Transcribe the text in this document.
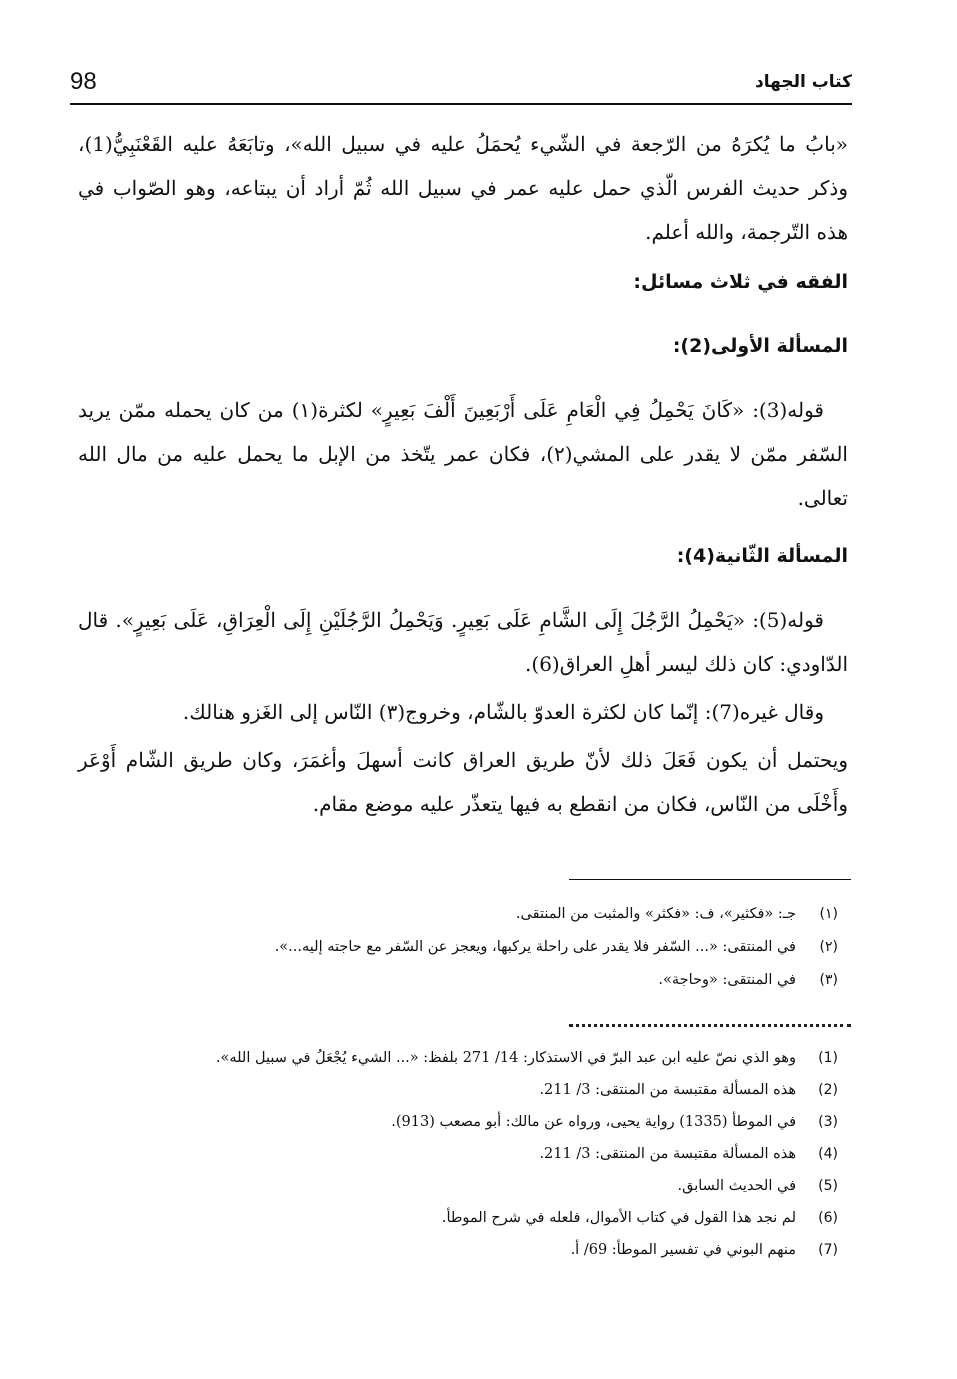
98	كتاب الجهاد

«بابُ ما يُكرَهُ من الرّجعة في الشّيء يُحمَلُ عليه في سبيل الله»، وتابَعَهُ عليه القَعْنَبِيُّ(1)، وذكر حديث الفرس الّذي حمل عليه عمر في سبيل الله ثُمّ أراد أن يبتاعه، وهو الصّواب في هذه التّرجمة، والله أعلم.

الفقه في ثلاث مسائل:

المسألة الأولى(2):

قوله(3): «كَانَ يَحْمِلُ فِي الْعَامِ عَلَى أَرْبَعِينَ أَلْفَ بَعِيرٍ» لكثرة(١) من كان يحمله ممّن يريد السّفر ممّن لا يقدر على المشي(٢)، فكان عمر يتّخذ من الإبل ما يحمل عليه من مال الله تعالى.

المسألة الثّانية(4):

قوله(5): «يَحْمِلُ الرَّجُلَ إِلَى الشَّامِ عَلَى بَعِيرٍ. وَيَحْمِلُ الرَّجُلَيْنِ إِلَى الْعِرَاقِ، عَلَى بَعِيرٍ». قال الدّاودي: كان ذلك ليسر أهلِ العراق(6).

وقال غيره(7): إنّما كان لكثرة العدوّ بالشّام، وخروج(٣) النّاس إلى الغَزو هنالك.

ويحتمل أن يكون فَعَلَ ذلك لأنّ طريق العراق كانت أسهلَ وأغمَرَ، وكان طريق الشّام أَوْعَر وأَخْلَى من النّاس، فكان من انقطع به فيها يتعذّر عليه موضع مقام.

(١)
جـ: «فكثير»، ف: «فكثر» والمثبت من المنتقى.
(٢)
في المنتقى: «... السّفر فلا يقدر على راحلة يركبها، ويعجز عن السّفر مع حاجته إليه...».
(٣)
في المنتقى: «وحاجة».
(1)
وهو الذي نصّ عليه ابن عبد البرّ في الاستذكار: 14/ 271 بلفظ: «... الشيء يُجْعَلُ في سبيل الله».
(2)
هذه المسألة مقتبسة من المنتقى: 3/ 211.
(3)
في الموطأ (1335) رواية يحيى، ورواه عن مالك: أبو مصعب (913).
(4)
هذه المسألة مقتبسة من المنتقى: 3/ 211.
(5)
في الحديث السابق.
(6)
لم نجد هذا القول في كتاب الأموال، فلعله في شرح الموطأ.
(7)
منهم البوني في تفسير الموطأ: 69/ أ.
